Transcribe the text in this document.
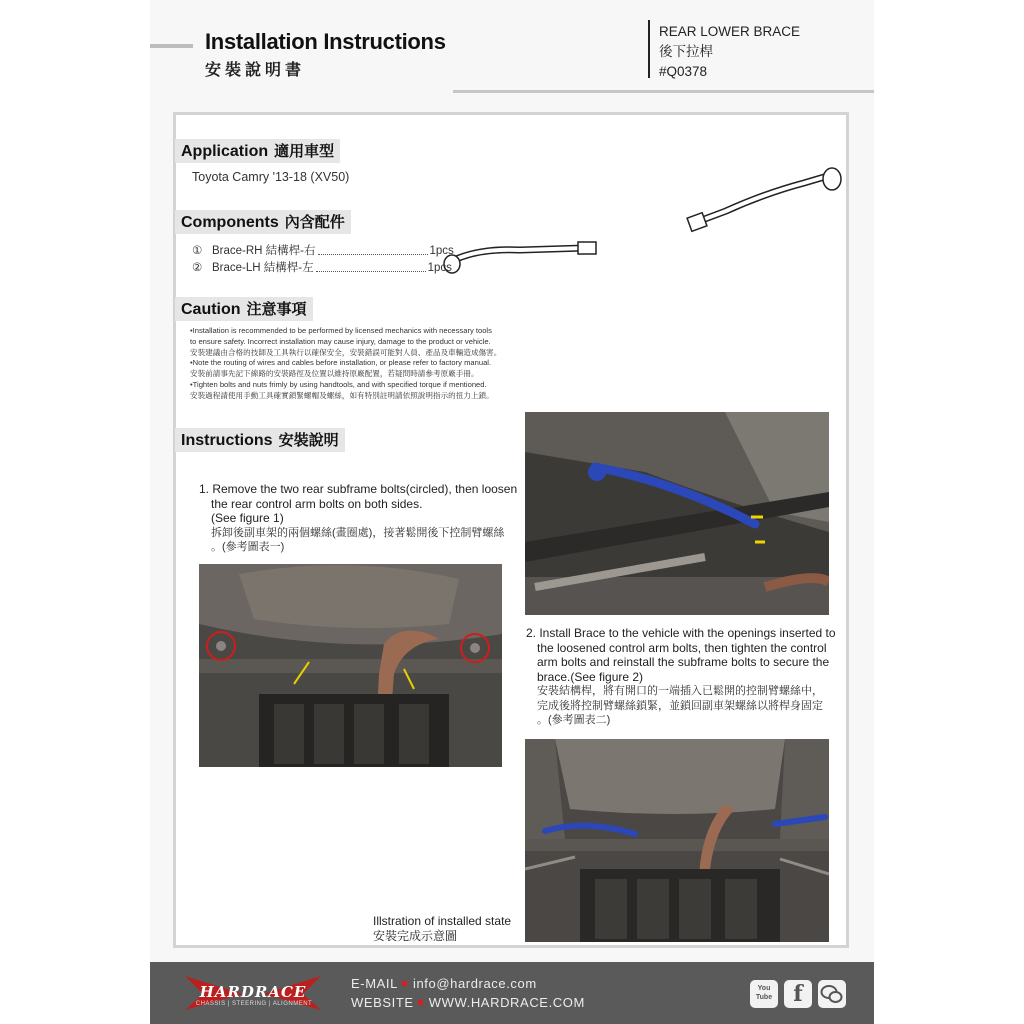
Installation Instructions
安裝說明書
REAR LOWER BRACE
後下拉桿
#Q0378
Application 適用車型
Toyota Camry '13-18 (XV50)
Components 內含配件
① Brace-RH 結構桿-右	1pcs
② Brace-LH 結構桿-左	1pcs
Caution 注意事項

•Installation is recommended to be performed by licensed mechanics with necessary tools

to ensure safety. Incorrect installation may cause injury, damage to the product or vehicle.

安裝建議由合格的技師及工具執行以確保安全，安裝錯誤可能對人員、產品及車輛造成傷害。

•Note the routing of wires and cables before installation, or please refer to factory manual.

安裝前請事先記下線路的安裝路徑及位置以維持原廠配置，若疑問時請參考原廠手冊。

•Tighten bolts and nuts frimly by using handtools, and with specified torque if mentioned.

安裝過程請使用手動工具確實鎖緊螺帽及螺絲，如有特別註明請依照說明指示的扭力上鎖。

Instructions 安裝說明
1. Remove the two rear subframe bolts(circled), then loosen
the rear control arm bolts on both sides.
(See figure 1)
拆卸後副車架的兩個螺絲(畫圈處)，接著鬆開後下控制臂螺絲
。(參考圖表一)
2. Install Brace to the vehicle with the openings inserted to
the loosened control arm bolts, then tighten the control
arm bolts and reinstall the subframe bolts to secure the
brace.(See figure 2)
安裝結構桿，將有開口的一端插入已鬆開的控制臂螺絲中，
完成後將控制臂螺絲鎖緊，並鎖回副車架螺絲以將桿身固定
。(參考圖表二)
Illstration of installed state
安裝完成示意圖
HARDRACE
CHASSIS | STEERING | ALIGNMENT
E-MAIL info@hardrace.com
WEBSITE WWW.HARDRACE.COM
You Tube f
